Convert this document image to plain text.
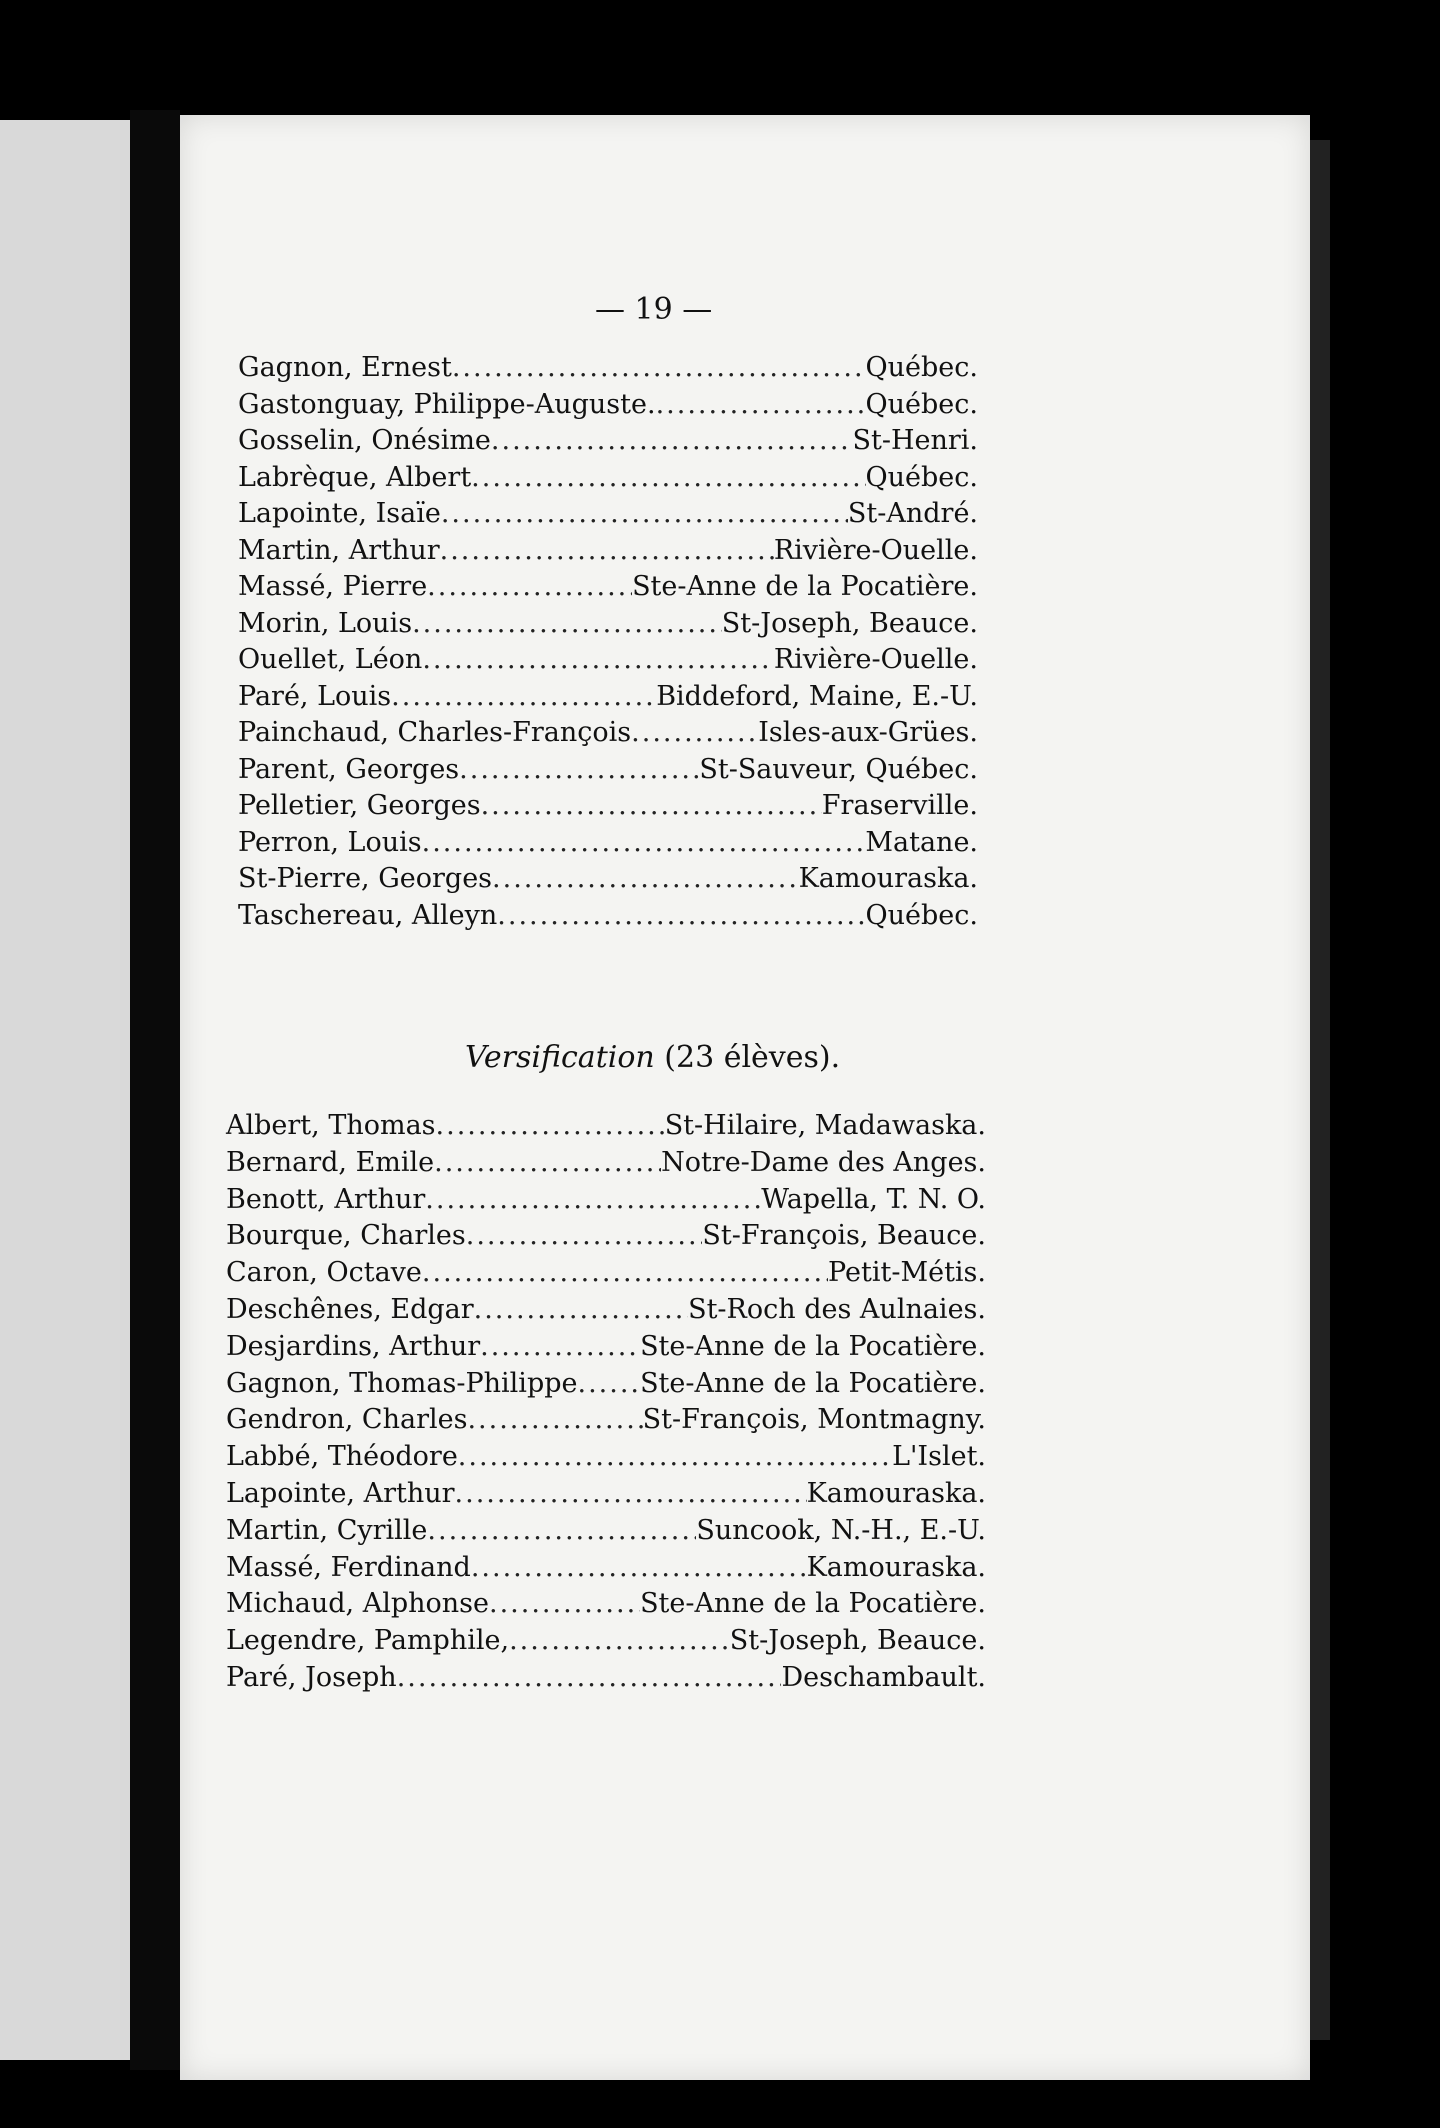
— 19 —
Gagnon, Ernest .....	Québec.
Gastonguay, Philippe-Auguste. .....	Québec.
Gosselin, Onésime .....	St-Henri.
Labrèque, Albert .....	Québec.
Lapointe, Isaïe .....	St-André.
Martin, Arthur .....	Rivière-Ouelle.
Massé, Pierre .....	Ste-Anne de la Pocatière.
Morin, Louis .....	St-Joseph, Beauce.
Ouellet, Léon .....	Rivière-Ouelle.
Paré, Louis .....	Biddeford, Maine, E.-U.
Painchaud, Charles-François .....	Isles-aux-Grües.
Parent, Georges .....	St-Sauveur, Québec.
Pelletier, Georges .....	Fraserville.
Perron, Louis .....	Matane.
St-Pierre, Georges .....	Kamouraska.
Taschereau, Alleyn .....	Québec.
Versification (23 élèves).
Albert, Thomas .....	St-Hilaire, Madawaska.
Bernard, Emile .....	Notre-Dame des Anges.
Benott, Arthur .....	Wapella, T. N. O.
Bourque, Charles .....	St-François, Beauce.
Caron, Octave .....	Petit-Métis.
Deschênes, Edgar .....	St-Roch des Aulnaies.
Desjardins, Arthur .....	Ste-Anne de la Pocatière.
Gagnon, Thomas-Philippe ..... Ste-Anne de la Pocatière.
Gendron, Charles .....	St-François, Montmagny.
Labbé, Théodore .....	L'Islet.
Lapointe, Arthur .....	Kamouraska.
Martin, Cyrille .....	Suncook, N.-H., E.-U.
Massé, Ferdinand .....	Kamouraska.
Michaud, Alphonse .....	Ste-Anne de la Pocatière.
Legendre, Pamphile, .....	St-Joseph, Beauce.
Paré, Joseph .....	Deschambault.
